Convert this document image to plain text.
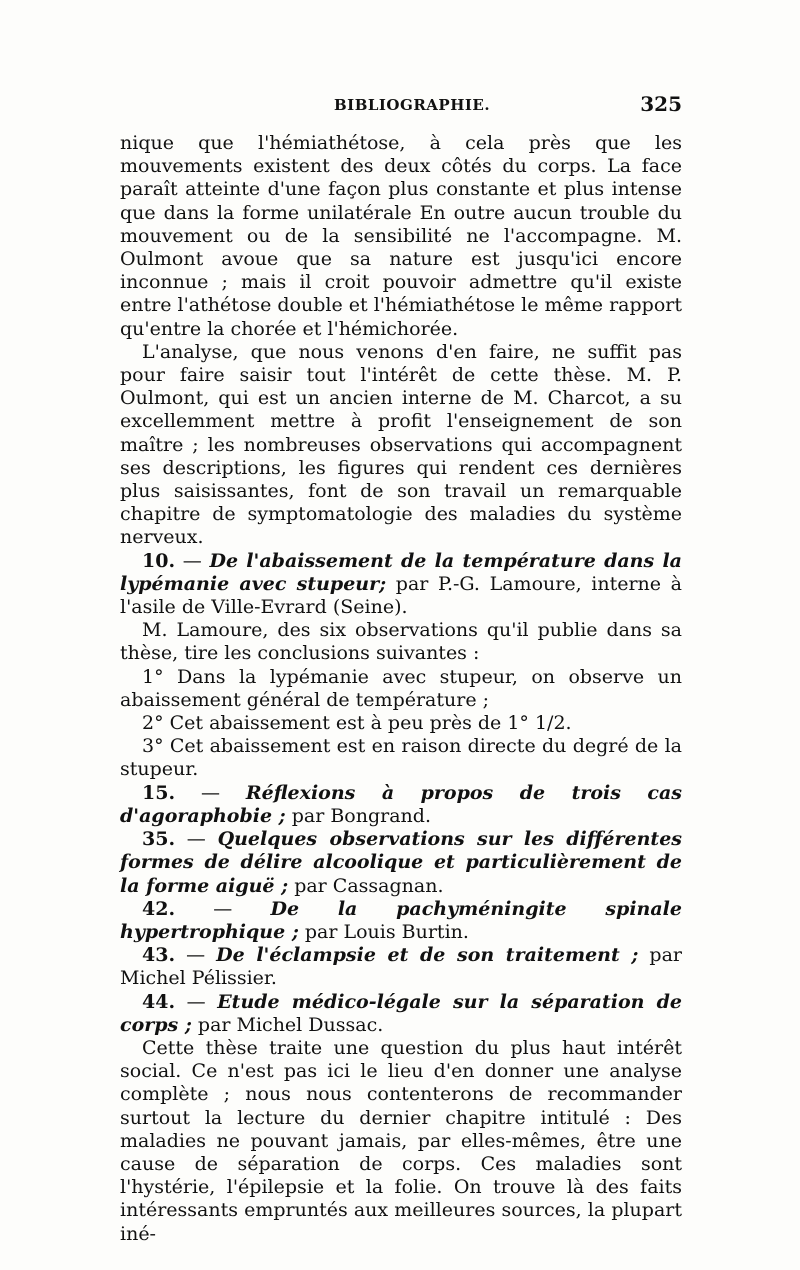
BIBLIOGRAPHIE.	325

nique que l'hémiathétose, à cela près que les mouvements existent des deux côtés du corps. La face paraît atteinte d'une façon plus constante et plus intense que dans la forme unilatérale En outre aucun trouble du mouvement ou de la sensibilité ne l'accompagne. M. Oulmont avoue que sa nature est jusqu'ici encore inconnue ; mais il croit pouvoir admettre qu'il existe entre l'athétose double et l'hémiathétose le même rapport qu'entre la chorée et l'hémichorée.

L'analyse, que nous venons d'en faire, ne suffit pas pour faire saisir tout l'intérêt de cette thèse. M. P. Oulmont, qui est un ancien interne de M. Charcot, a su excellemment mettre à profit l'enseignement de son maître ; les nombreuses observations qui accompagnent ses descriptions, les figures qui rendent ces dernières plus saisissantes, font de son travail un remarquable chapitre de symptomatologie des maladies du système nerveux.

10. — De l'abaissement de la température dans la lypémanie avec stupeur; par P.-G. Lamoure, interne à l'asile de Ville-Evrard (Seine).

M. Lamoure, des six observations qu'il publie dans sa thèse, tire les conclusions suivantes :

1° Dans la lypémanie avec stupeur, on observe un abaissement général de température ;

2° Cet abaissement est à peu près de 1° 1/2.

3° Cet abaissement est en raison directe du degré de la stupeur.

15. — Réflexions à propos de trois cas d'agoraphobie ; par Bongrand.

35. — Quelques observations sur les différentes formes de délire alcoolique et particulièrement de la forme aiguë ; par Cassagnan.

42. — De la pachyméningite spinale hypertrophique ; par Louis Burtin.

43. — De l'éclampsie et de son traitement ; par Michel Pélissier.

44. — Etude médico-légale sur la séparation de corps ; par Michel Dussac.

Cette thèse traite une question du plus haut intérêt social. Ce n'est pas ici le lieu d'en donner une analyse complète ; nous nous contenterons de recommander surtout la lecture du dernier chapitre intitulé : Des maladies ne pouvant jamais, par elles-mêmes, être une cause de séparation de corps. Ces maladies sont l'hystérie, l'épilepsie et la folie. On trouve là des faits intéressants empruntés aux meilleures sources, la plupart iné-
